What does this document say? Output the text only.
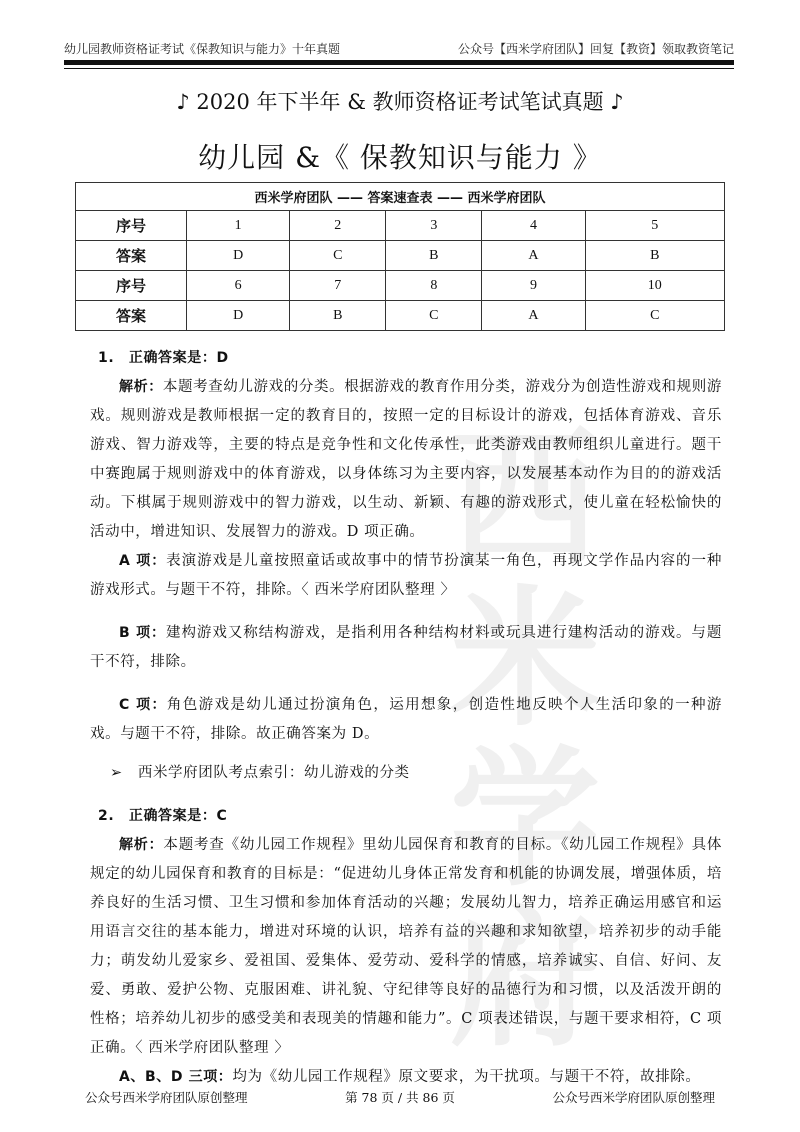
幼儿园教师资格证考试《保教知识与能力》十年真题	公众号【西米学府团队】回复【教资】领取教资笔记
西米
学府
♪ 2020 年下半年 & 教师资格证考试笔试真题 ♪
幼儿园 &《 保教知识与能力 》
西米学府团队 —— 答案速查表 —— 西米学府团队					
序号	1	2	3	4	5
答案	D	C	B	A	B
序号	6	7	8	9	10
答案	D	B	C	A	C

1.　正确答案是：D

解析：本题考查幼儿游戏的分类。根据游戏的教育作用分类，游戏分为创造性游戏和规则游戏。规则游戏是教师根据一定的教育目的，按照一定的目标设计的游戏，包括体育游戏、音乐游戏、智力游戏等，主要的特点是竞争性和文化传承性，此类游戏由教师组织儿童进行。题干中赛跑属于规则游戏中的体育游戏，以身体练习为主要内容，以发展基本动作为目的的游戏活动。下棋属于规则游戏中的智力游戏，以生动、新颖、有趣的游戏形式，使儿童在轻松愉快的活动中，增进知识、发展智力的游戏。D 项正确。

A 项：表演游戏是儿童按照童话或故事中的情节扮演某一角色，再现文学作品内容的一种游戏形式。与题干不符，排除。〈 西米学府团队整理 〉

B 项：建构游戏又称结构游戏，是指利用各种结构材料或玩具进行建构活动的游戏。与题干不符，排除。

C 项：角色游戏是幼儿通过扮演角色，运用想象，创造性地反映个人生活印象的一种游戏。与题干不符，排除。故正确答案为 D。

➢　西米学府团队考点索引：幼儿游戏的分类

2.　正确答案是：C

解析：本题考查《幼儿园工作规程》里幼儿园保育和教育的目标。《幼儿园工作规程》具体规定的幼儿园保育和教育的目标是：“促进幼儿身体正常发育和机能的协调发展，增强体质，培养良好的生活习惯、卫生习惯和参加体育活动的兴趣；发展幼儿智力，培养正确运用感官和运用语言交往的基本能力，增进对环境的认识，培养有益的兴趣和求知欲望，培养初步的动手能力；萌发幼儿爱家乡、爱祖国、爱集体、爱劳动、爱科学的情感，培养诚实、自信、好问、友爱、勇敢、爱护公物、克服困难、讲礼貌、守纪律等良好的品德行为和习惯，以及活泼开朗的性格；培养幼儿初步的感受美和表现美的情趣和能力”。C 项表述错误，与题干要求相符，C 项正确。〈 西米学府团队整理 〉

A、B、D 三项：均为《幼儿园工作规程》原文要求，为干扰项。与题干不符，故排除。

公众号西米学府团队原创整理	第 78 页 / 共 86 页	公众号西米学府团队原创整理
